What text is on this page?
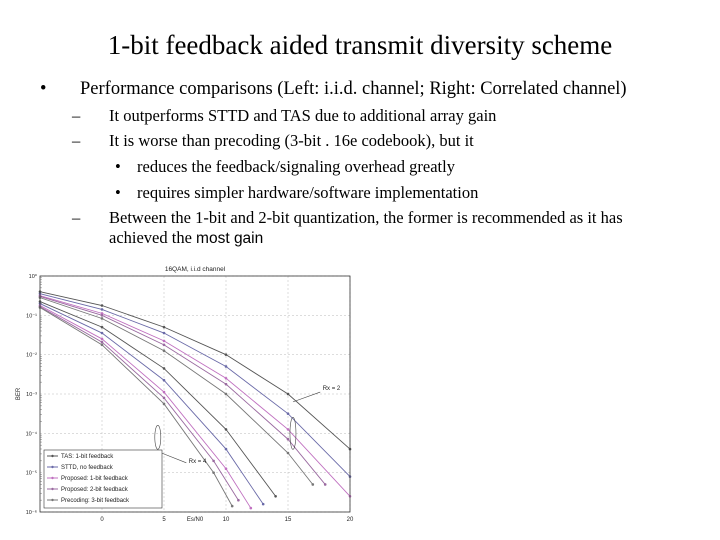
1-bit feedback aided transmit diversity scheme
• Performance comparisons (Left: i.i.d. channel; Right: Correlated channel)
– It outperforms STTD and TAS due to additional array gain
– It is worse than precoding (3-bit . 16e codebook), but it
• reduces the feedback/signaling overhead greatly
• requires simpler hardware/software implementation
– Between the 1-bit and 2-bit quantization, the former is recommended as it has
achieved the most gain
0	5	10	15	20
10⁰
10⁻¹
10⁻²
10⁻³
10⁻⁴
10⁻⁵
10⁻⁶
16QAM, i.i.d channel
Es/N0
BER	Rx = 2
Rx = 4
TAS: 1-bit feedback
STTD, no feedback
Proposed: 1-bit feedback
Proposed: 2-bit feedback
Precoding: 3-bit feedback
